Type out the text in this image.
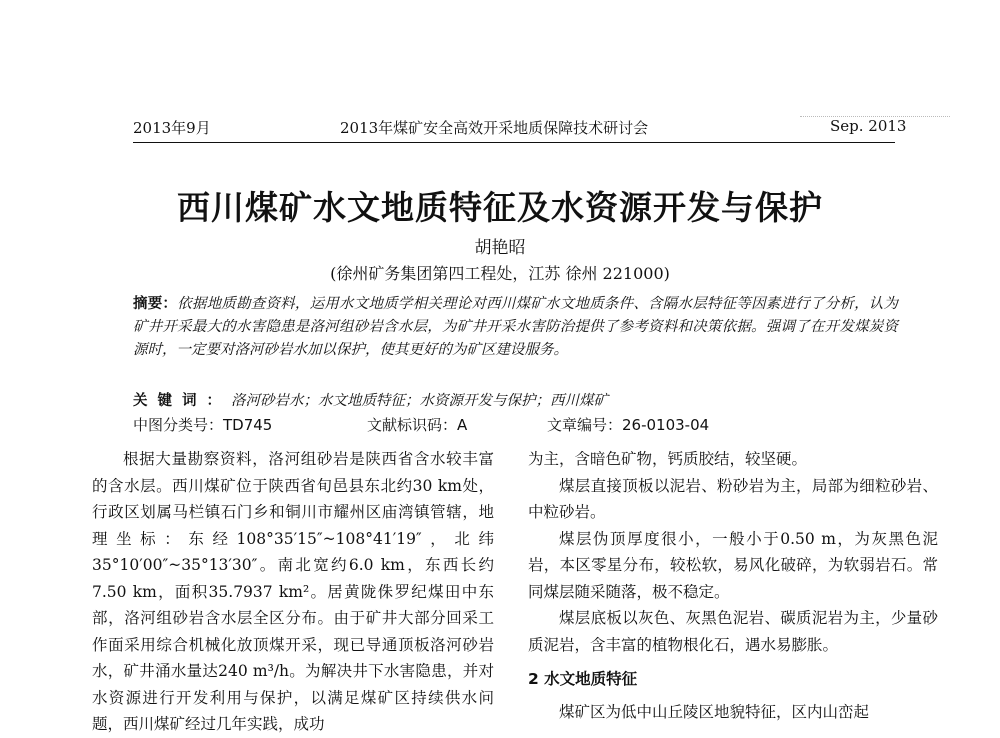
2013年9月	2013年煤矿安全高效开采地质保障技术研讨会	Sep. 2013
西川煤矿水文地质特征及水资源开发与保护
胡艳昭
(徐州矿务集团第四工程处，江苏 徐州 221000)
摘要：依据地质勘查资料，运用水文地质学相关理论对西川煤矿水文地质条件、含隔水层特征等因素进行了分析，认为矿井开采最大的水害隐患是洛河组砂岩含水层，为矿井开采水害防治提供了参考资料和决策依据。强调了在开发煤炭资源时，一定要对洛河砂岩水加以保护，使其更好的为矿区建设服务。
关键词：洛河砂岩水；水文地质特征；水资源开发与保护；西川煤矿
中图分类号：TD745	文献标识码：A	文章编号：26-0103-04

根据大量勘察资料，洛河组砂岩是陕西省含水较丰富的含水层。西川煤矿位于陕西省旬邑县东北约30 km处，行政区划属马栏镇石门乡和铜川市耀州区庙湾镇管辖，地理坐标：东经108°35′15″~108°41′19″，北纬35°10′00″~35°13′30″。南北宽约6.0 km，东西长约7.50 km，面积35.7937 km²。居黄陇侏罗纪煤田中东部，洛河组砂岩含水层全区分布。由于矿井大部分回采工作面采用综合机械化放顶煤开采，现已导通顶板洛河砂岩水，矿井涌水量达240 m³/h。为解决井下水害隐患，并对水资源进行开发利用与保护，以满足煤矿区持续供水问题，西川煤矿经过几年实践，成功

为主，含暗色矿物，钙质胶结，较坚硬。

煤层直接顶板以泥岩、粉砂岩为主，局部为细粒砂岩、中粒砂岩。

煤层伪顶厚度很小，一般小于0.50 m，为灰黑色泥岩，本区零星分布，较松软，易风化破碎，为软弱岩石。常同煤层随采随落，极不稳定。

煤层底板以灰色、灰黑色泥岩、碳质泥岩为主，少量砂质泥岩，含丰富的植物根化石，遇水易膨胀。

2 水文地质特征

煤矿区为低中山丘陵区地貌特征，区内山峦起
